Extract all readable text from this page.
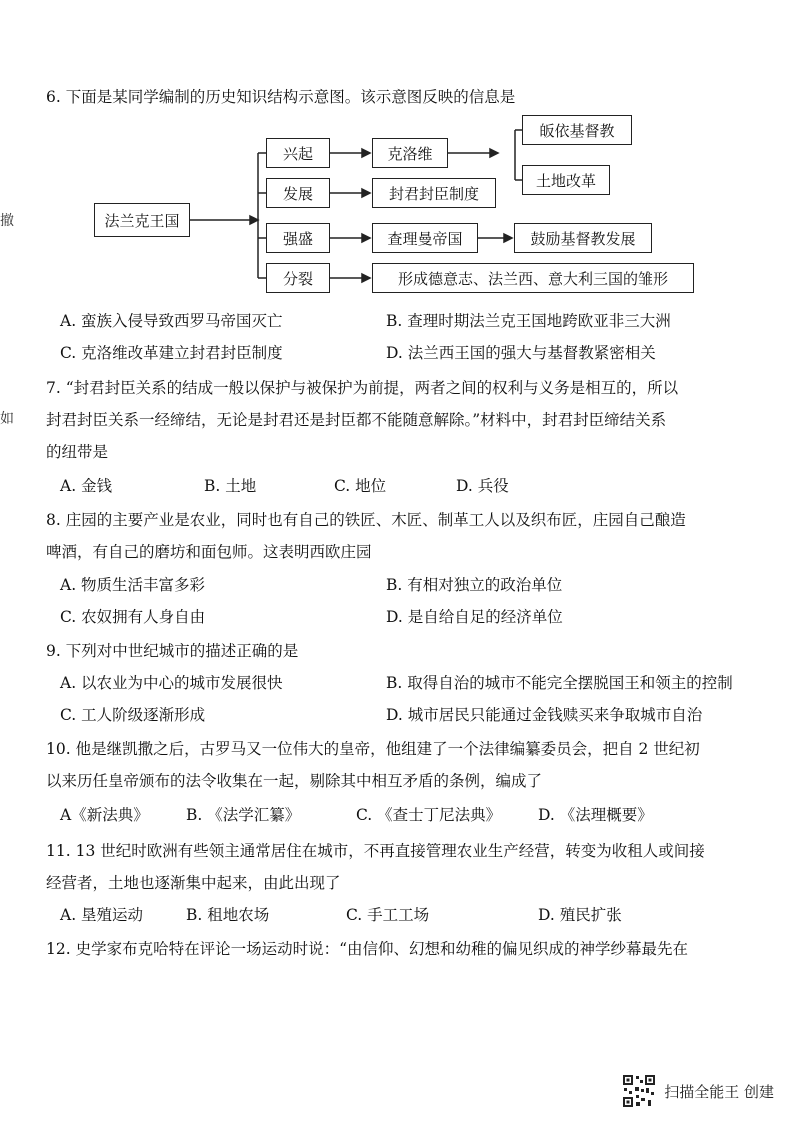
6. 下面是某同学编制的历史知识结构示意图。该示意图反映的信息是
撤
如
法兰克王国
兴起
发展
强盛
分裂
克洛维
封君封臣制度
查理曼帝国
形成德意志、法兰西、意大利三国的雏形
皈依基督教
土地改革
鼓励基督教发展
A. 蛮族入侵导致西罗马帝国灭亡	B. 查理时期法兰克王国地跨欧亚非三大洲
C. 克洛维改革建立封君封臣制度	D. 法兰西王国的强大与基督教紧密相关
7. “封君封臣关系的结成一般以保护与被保护为前提，两者之间的权利与义务是相互的，所以
封君封臣关系一经缔结，无论是封君还是封臣都不能随意解除。”材料中，封君封臣缔结关系
的纽带是
A. 金钱	B. 土地	C. 地位	D. 兵役
8. 庄园的主要产业是农业，同时也有自己的铁匠、木匠、制革工人以及织布匠，庄园自己酿造
啤酒，有自己的磨坊和面包师。这表明西欧庄园
A. 物质生活丰富多彩	B. 有相对独立的政治单位
C. 农奴拥有人身自由	D. 是自给自足的经济单位
9. 下列对中世纪城市的描述正确的是
A. 以农业为中心的城市发展很快	B. 取得自治的城市不能完全摆脱国王和领主的控制
C. 工人阶级逐渐形成	D. 城市居民只能通过金钱赎买来争取城市自治
10. 他是继凯撒之后，古罗马又一位伟大的皇帝，他组建了一个法律编纂委员会，把自 2 世纪初
以来历任皇帝颁布的法令收集在一起，剔除其中相互矛盾的条例，编成了
A《新法典》 B. 《法学汇纂》	C. 《查士丁尼法典》 D. 《法理概要》
11. 13 世纪时欧洲有些领主通常居住在城市，不再直接管理农业生产经营，转变为收租人或间接
经营者，土地也逐渐集中起来，由此出现了
A. 垦殖运动	B. 租地农场	C. 手工工场	D. 殖民扩张
12. 史学家布克哈特在评论一场运动时说：“由信仰、幻想和幼稚的偏见织成的神学纱幕最先在
扫描全能王 创建
